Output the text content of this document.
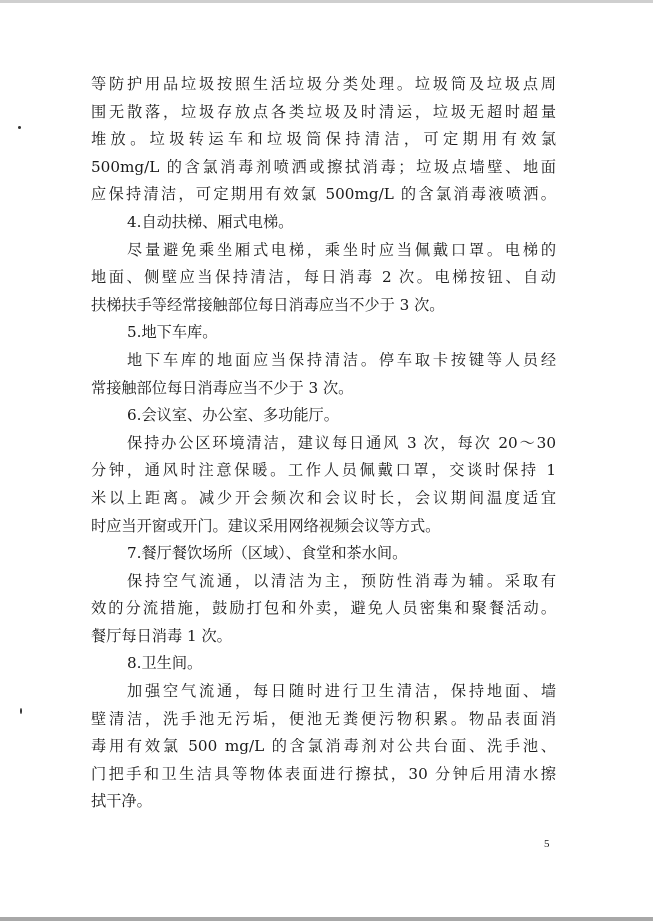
等防护用品垃圾按照生活垃圾分类处理。垃圾筒及垃圾点周
围无散落，垃圾存放点各类垃圾及时清运，垃圾无超时超量
堆放。垃圾转运车和垃圾筒保持清洁，可定期用有效氯
500mg/L 的含氯消毒剂喷洒或擦拭消毒；垃圾点墙壁、地面
应保持清洁，可定期用有效氯 500mg/L 的含氯消毒液喷洒。
4.自动扶梯、厢式电梯。
尽量避免乘坐厢式电梯，乘坐时应当佩戴口罩。电梯的
地面、侧壁应当保持清洁，每日消毒 2 次。电梯按钮、自动
扶梯扶手等经常接触部位每日消毒应当不少于 3 次。
5.地下车库。
地下车库的地面应当保持清洁。停车取卡按键等人员经
常接触部位每日消毒应当不少于 3 次。
6.会议室、办公室、多功能厅。
保持办公区环境清洁，建议每日通风 3 次，每次 20～30
分钟，通风时注意保暖。工作人员佩戴口罩，交谈时保持 1
米以上距离。减少开会频次和会议时长，会议期间温度适宜
时应当开窗或开门。建议采用网络视频会议等方式。
7.餐厅餐饮场所（区域）、食堂和茶水间。
保持空气流通，以清洁为主，预防性消毒为辅。采取有
效的分流措施，鼓励打包和外卖，避免人员密集和聚餐活动。
餐厅每日消毒 1 次。
8.卫生间。
加强空气流通，每日随时进行卫生清洁，保持地面、墙
壁清洁，洗手池无污垢，便池无粪便污物积累。物品表面消
毒用有效氯 500 mg/L 的含氯消毒剂对公共台面、洗手池、
门把手和卫生洁具等物体表面进行擦拭，30 分钟后用清水擦
拭干净。
5
